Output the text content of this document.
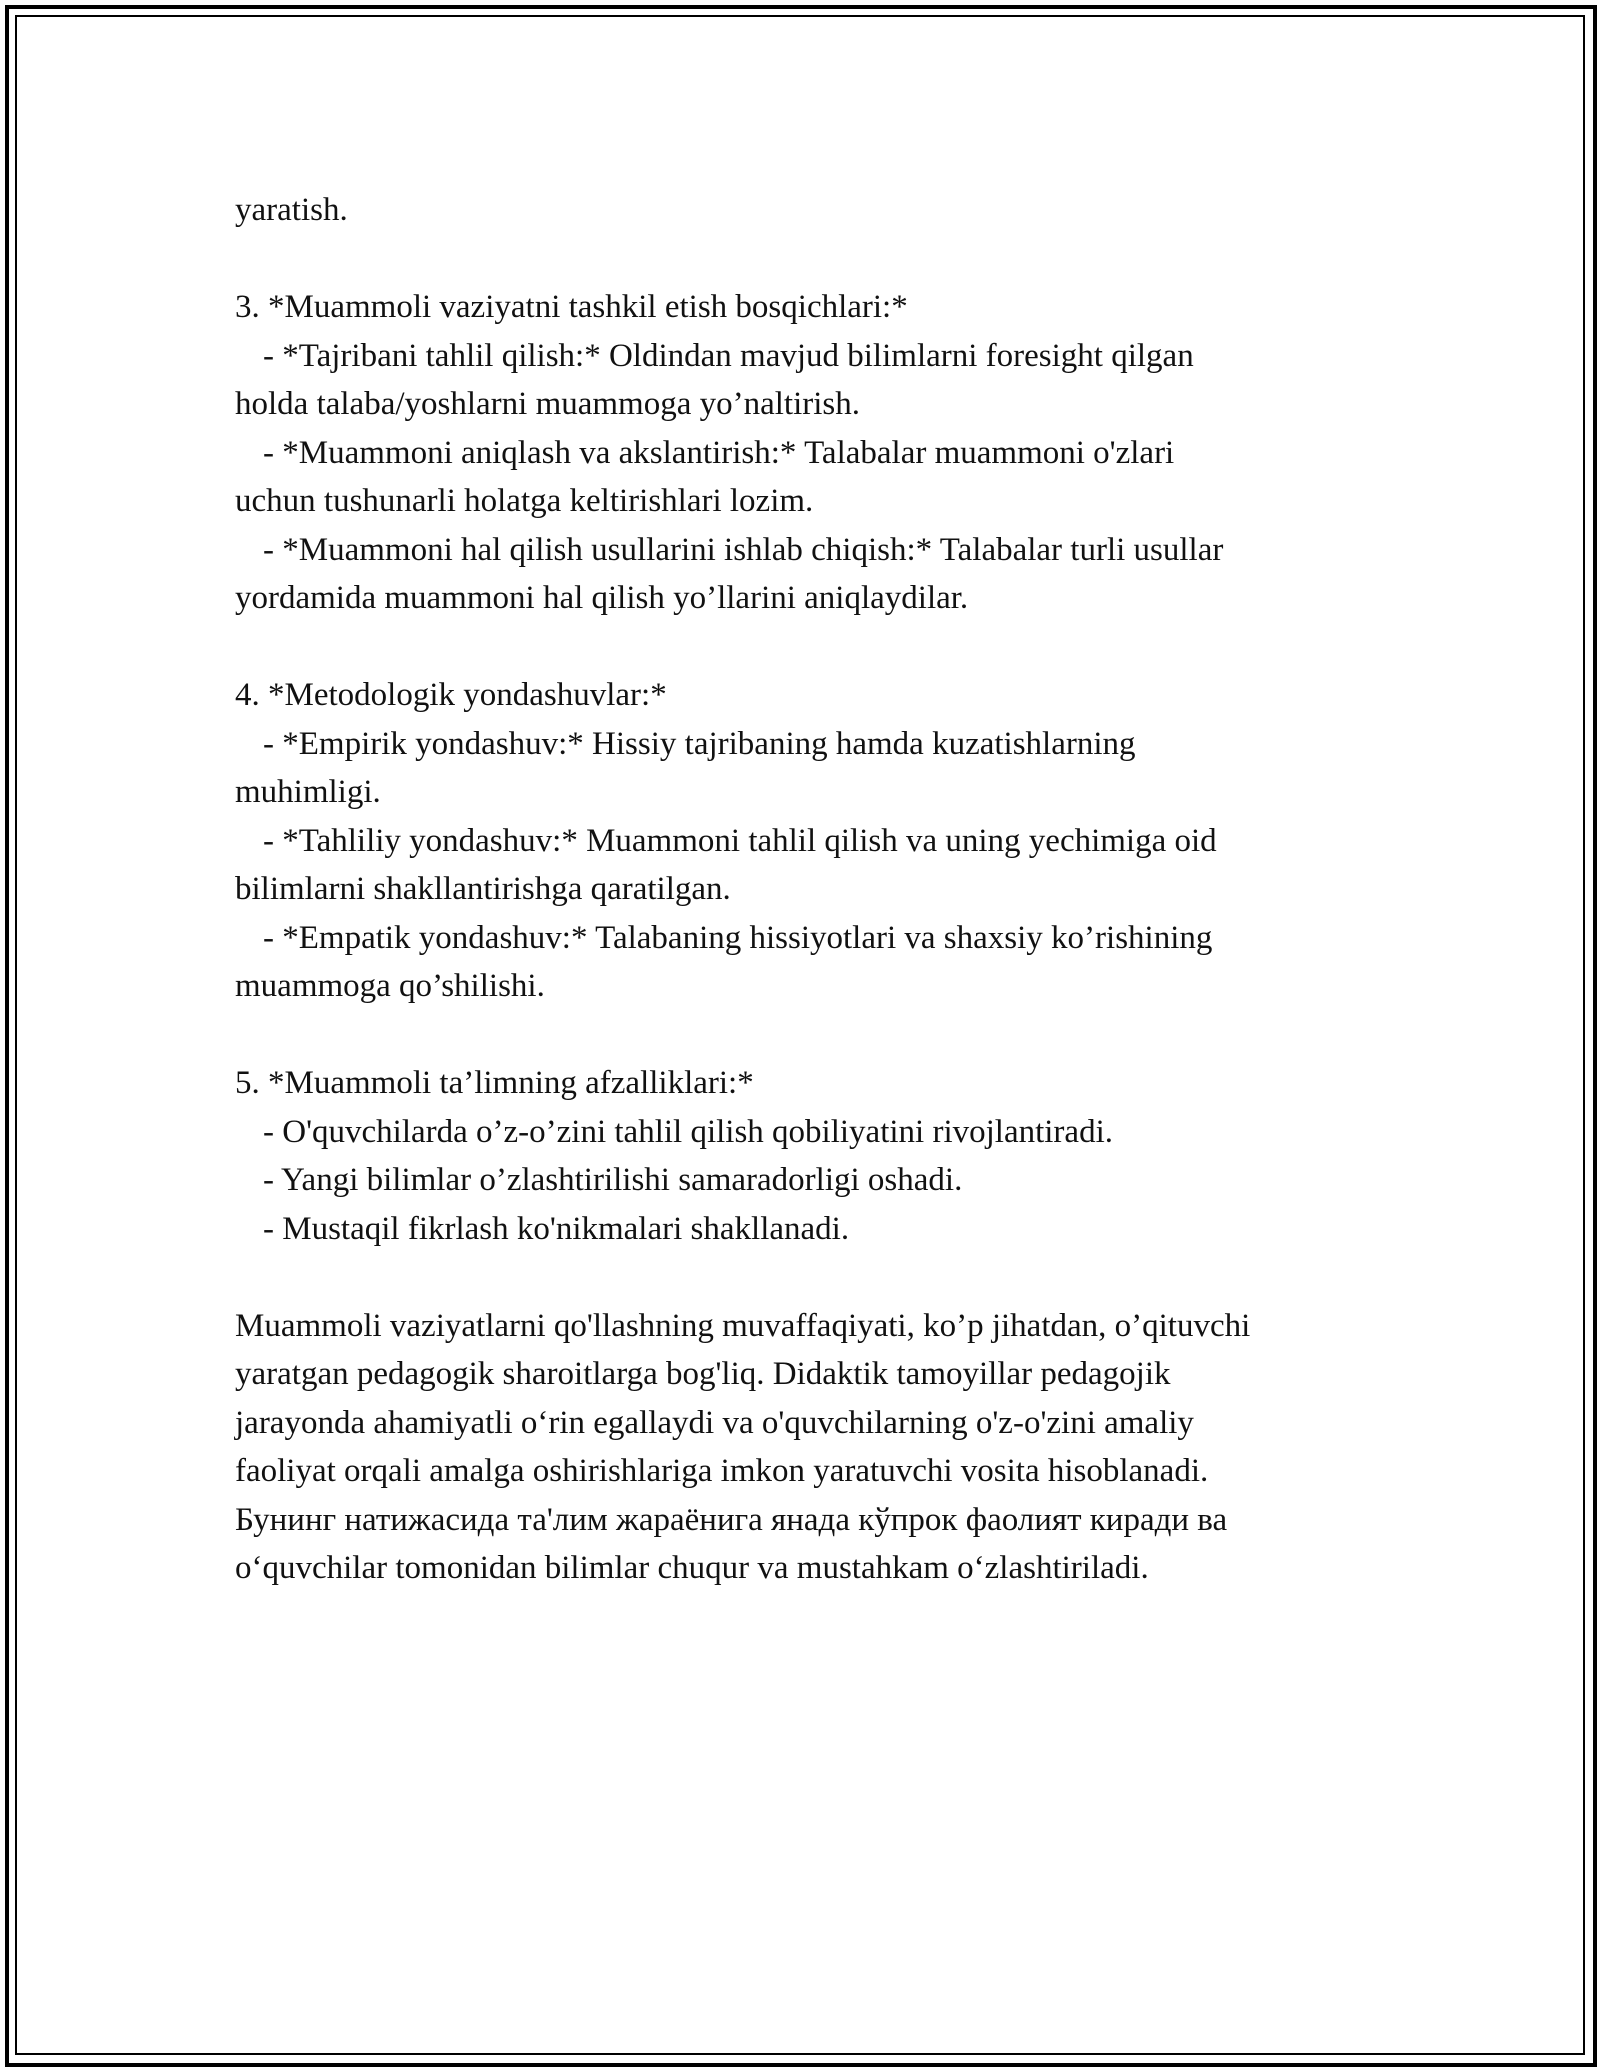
yaratish.
3. *Muammoli vaziyatni tashkil etish bosqichlari:*
- *Tajribani tahlil qilish:* Oldindan mavjud bilimlarni foresight qilgan
holda talaba/yoshlarni muammoga yo’naltirish.
- *Muammoni aniqlash va akslantirish:* Talabalar muammoni o'zlari
uchun tushunarli holatga keltirishlari lozim.
- *Muammoni hal qilish usullarini ishlab chiqish:* Talabalar turli usullar
yordamida muammoni hal qilish yo’llarini aniqlaydilar.
4. *Metodologik yondashuvlar:*
- *Empirik yondashuv:* Hissiy tajribaning hamda kuzatishlarning
muhimligi.
- *Tahliliy yondashuv:* Muammoni tahlil qilish va uning yechimiga oid
bilimlarni shakllantirishga qaratilgan.
- *Empatik yondashuv:* Talabaning hissiyotlari va shaxsiy ko’rishining
muammoga qo’shilishi.
5. *Muammoli ta’limning afzalliklari:*
- O'quvchilarda o’z-o’zini tahlil qilish qobiliyatini rivojlantiradi.
- Yangi bilimlar o’zlashtirilishi samaradorligi oshadi.
- Mustaqil fikrlash ko'nikmalari shakllanadi.
Muammoli vaziyatlarni qo'llashning muvaffaqiyati, ko’p jihatdan, o’qituvchi
yaratgan pedagogik sharoitlarga bog'liq. Didaktik tamoyillar pedagojik
jarayonda ahamiyatli o‘rin egallaydi va o'quvchilarning o'z-o'zini amaliy
faoliyat orqali amalga oshirishlariga imkon yaratuvchi vosita hisoblanadi.
Бунинг натижасида та'лим жараёнига янада кўпрок фаолият киради ва
o‘quvchilar tomonidan bilimlar chuqur va mustahkam o‘zlashtiriladi.
